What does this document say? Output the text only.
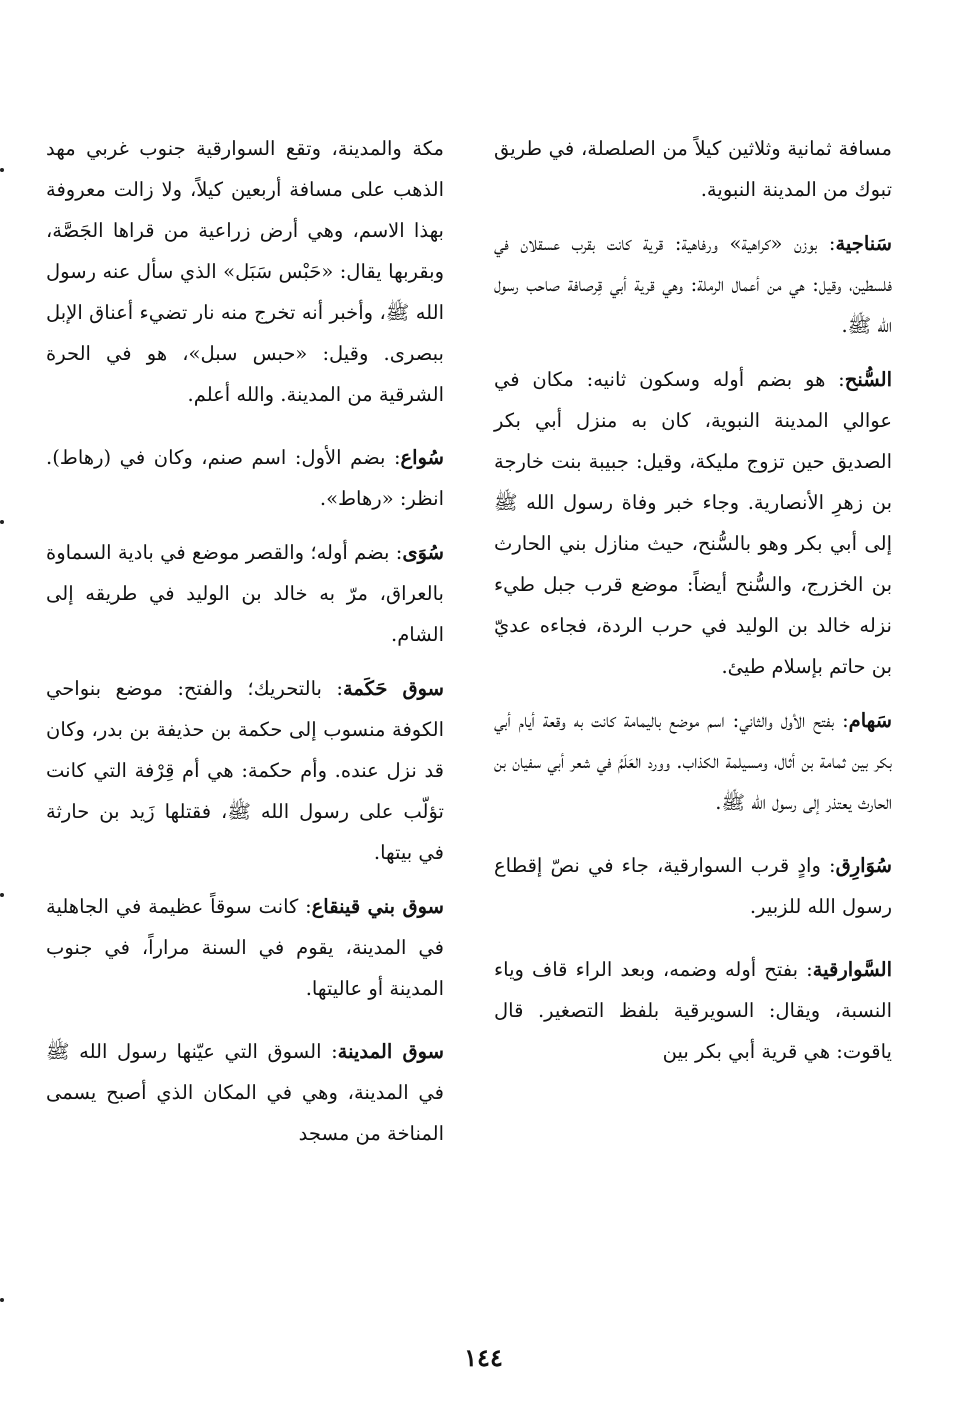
مسافة ثمانية وثلاثين كيلاً من الصلصلة، في طريق تبوك من المدينة النبوية.

سَناجية: بوزن «كراهية» ورفاهية: قرية كانت بقرب عسقلان في فلسطين، وقيل: هي من أعمال الرملة: وهي قرية أبي قِرصافة صاحب رسول الله ﷺ.

السُّنح: هو بضم أوله وسكون ثانيه: مكان في عوالي المدينة النبوية، كان به منزل أبي بكر الصديق حين تزوج مليكة، وقيل: جبيبة بنت خارجة بن زهرِ الأنصارية. وجاء خبر وفاة رسول الله ﷺ إلى أبي بكر وهو بالسُّنح، حيث منازل بني الحارث بن الخزرج، والسُّنح أيضاً: موضع قرب جبل طيء نزله خالد بن الوليد في حرب الردة، فجاءه عديّ بن حاتم بإسلام طيئ.

سَهام: بفتح الأول والثاني: اسم موضع باليمامة كانت به وقعة أيام أبي بكر بين ثمامة بن أثال، ومسيلمة الكذاب. وورد العَلَمُ في شعر أبي سفيان بن الحارث يعتذر إلى رسول الله ﷺ.

سُوَارِق: وادٍ قرب السوارقية، جاء في نصّ إقطاع رسول الله للزبير.

السَّوارقية: بفتح أوله وضمه، وبعد الراء قاف وياء النسبة، ويقال: السويرقية بلفظ التصغير. قال ياقوت: هي قرية أبي بكر بين

مكة والمدينة، وتقع السوارقية جنوب غربي مهد الذهب على مسافة أربعين كيلاً، ولا زالت معروفة بهذا الاسم، وهي أرض زراعية من قراها الجَصَّة، وبقربها يقال: «حَبْس سَبَل» الذي سأل عنه رسول الله ﷺ، وأخبر أنه تخرج منه نار تضيء أعناق الإبل ببصرى. وقيل: «حبس سبل»، هو في الحرة الشرقية من المدينة. والله أعلم.

سُواع: بضم الأول: اسم صنم، وكان في (رهاط). انظر: «رهاط».

سُوَى: بضم أوله؛ والقصر موضع في بادية السماوة بالعراق، مرّ به خالد بن الوليد في طريقه إلى الشام.

سوق حَكَمة: بالتحريك؛ والفتح: موضع بنواحي الكوفة منسوب إلى حكمة بن حذيفة بن بدر، وكان قد نزل عنده. وأم حكمة: هي أم قِرْفة التي كانت تؤلّب على رسول الله ﷺ، فقتلها زَيد بن حارثة في بيتها.

سوق بني قينقاع: كانت سوقاً عظيمة في الجاهلية في المدينة، يقوم في السنة مراراً، في جنوب المدينة أو عاليتها.

سوق المدينة: السوق التي عيّنها رسول الله ﷺ في المدينة، وهي في المكان الذي أصبح يسمى المناخة من مسجد

١٤٤
